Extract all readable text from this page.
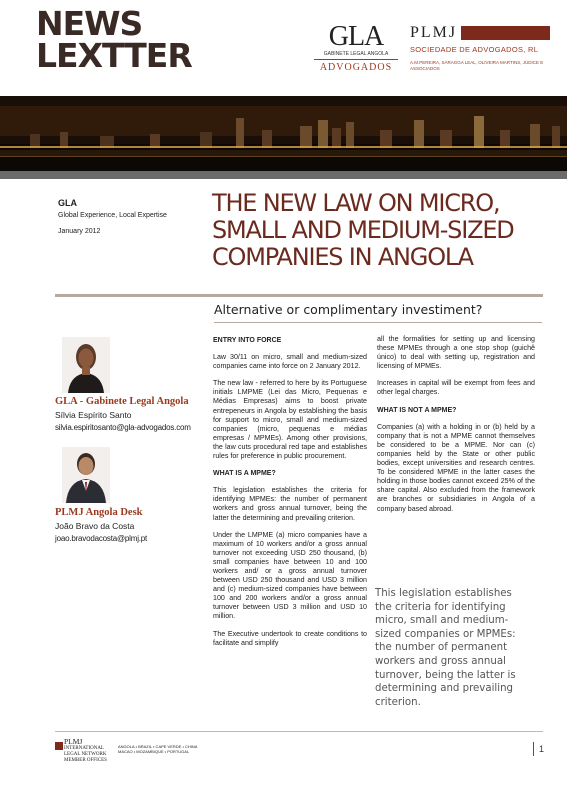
NEWS
LEXTTER	GLA
GABINETE LEGAL ANGOLA
ADVOGADOS
PLMJ
SOCIEDADE DE ADVOGADOS, RL
A.M.PEREIRA, SÁRAGGA LEAL, OLIVEIRA MARTINS, JÚDICE E ASSOCIADOS
GLA
Global Experience, Local Expertise
January 2012
THE NEW LAW ON MICRO, SMALL AND MEDIUM-SIZED COMPANIES IN ANGOLA
Alternative or complimentary investiment?
GLA - Gabinete Legal Angola
Sílvia Espírito Santo
silvia.espiritosanto@gla-advogados.com
PLMJ Angola Desk
João Bravo da Costa
joao.bravodacosta@plmj.pt
ENTRY INTO FORCE

Law 30/11 on micro, small and medium-sized companies came into force on 2 January 2012.

The new law - referred to here by its Portuguese initials LMPME (Lei das Micro, Pequenas e Médias Empresas) aims to boost private entrepeneurs in Angola by establishing the basis for support to micro, small and medium-sized companies (micro, pequenas e médias empresas / MPMEs). Among other provisions, the law cuts procedural red tape and establishes rules for preference in public procurement.

WHAT IS A MPME?

This legislation establishes the criteria for identifying MPMEs: the number of permanent workers and gross annual turnover, being the latter the determining and prevailing criterion.

Under the LMPME (a) micro companies have a maximum of 10 workers and/or a gross annual turnover not exceeding USD 250 thousand, (b) small companies have between 10 and 100 workers and/ or a gross annual turnover between USD 250 thousand and USD 3 million and (c) medium-sized companies have between 100 and 200 workers and/or a gross annual turnover between USD 3 million and USD 10 million.

The Executive undertook to create conditions to facilitate and simplify

all the formalities for setting up and licensing these MPMEs through a one stop shop (guichê único) to deal with setting up, registration and licensing of MPMEs.

Increases in capital will be exempt from fees and other legal charges.

WHAT IS NOT A MPME?

Companies (a) with a holding in or (b) held by a company that is not a MPME cannot themselves be considered to be a MPME. Nor can (c) companies held by the State or other public bodies, except universities and research centres. To be considered MPME in the latter cases the holding in those bodies cannot exceed 25% of the share capital. Also excluded from the framework are branches or subsidiaries in Angola of a company based abroad.

This legislation establishes the criteria for identifying micro, small and medium-sized companies or MPMEs: the number of permanent workers and gross annual turnover, being the latter is determining and prevailing criterion.
PLMJ
INTERNATIONAL
LEGAL NETWORK
MEMBER OFFICES
ANGOLA • BRAZIL • CAPE VERDE • CHINA
MACAO • MOZAMBIQUE • PORTUGAL	1
